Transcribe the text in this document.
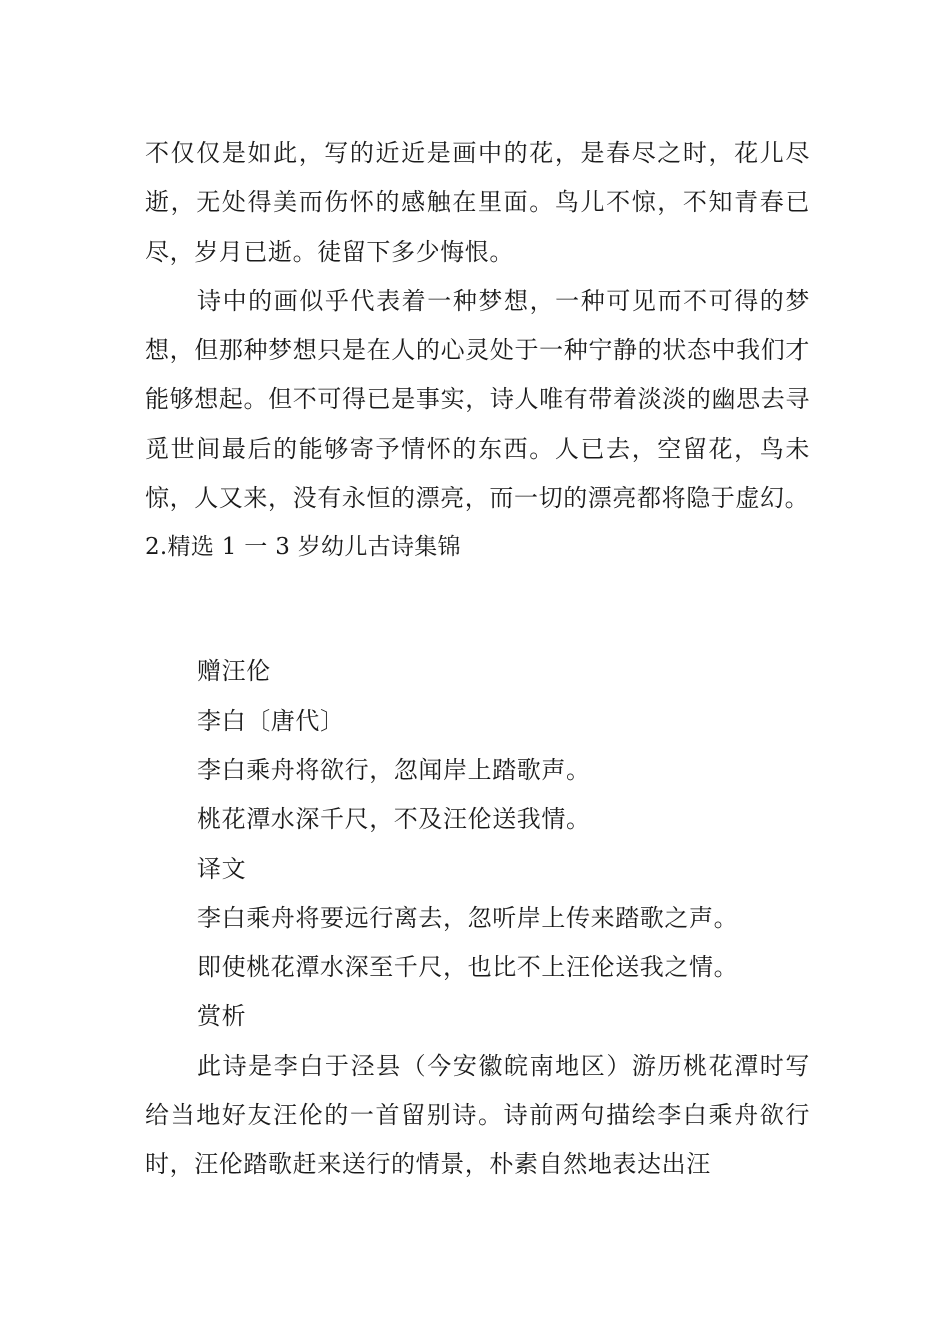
不仅仅是如此，写的近近是画中的花，是春尽之时，花儿尽逝，无处得美而伤怀的感触在里面。鸟儿不惊，不知青春已尽，岁月已逝。徒留下多少悔恨。

诗中的画似乎代表着一种梦想，一种可见而不可得的梦想，但那种梦想只是在人的心灵处于一种宁静的状态中我们才能够想起。但不可得已是事实，诗人唯有带着淡淡的幽思去寻觅世间最后的能够寄予情怀的东西。人已去，空留花，鸟未惊，人又来，没有永恒的漂亮，而一切的漂亮都将隐于虚幻。

2.精选 1 一 3 岁幼儿古诗集锦

赠汪伦

李白〔唐代〕

李白乘舟将欲行，忽闻岸上踏歌声。

桃花潭水深千尺，不及汪伦送我情。

译文

李白乘舟将要远行离去，忽听岸上传来踏歌之声。

即使桃花潭水深至千尺，也比不上汪伦送我之情。

赏析

此诗是李白于泾县（今安徽皖南地区）游历桃花潭时写给当地好友汪伦的一首留别诗。诗前两句描绘李白乘舟欲行时，汪伦踏歌赶来送行的情景，朴素自然地表达出汪
